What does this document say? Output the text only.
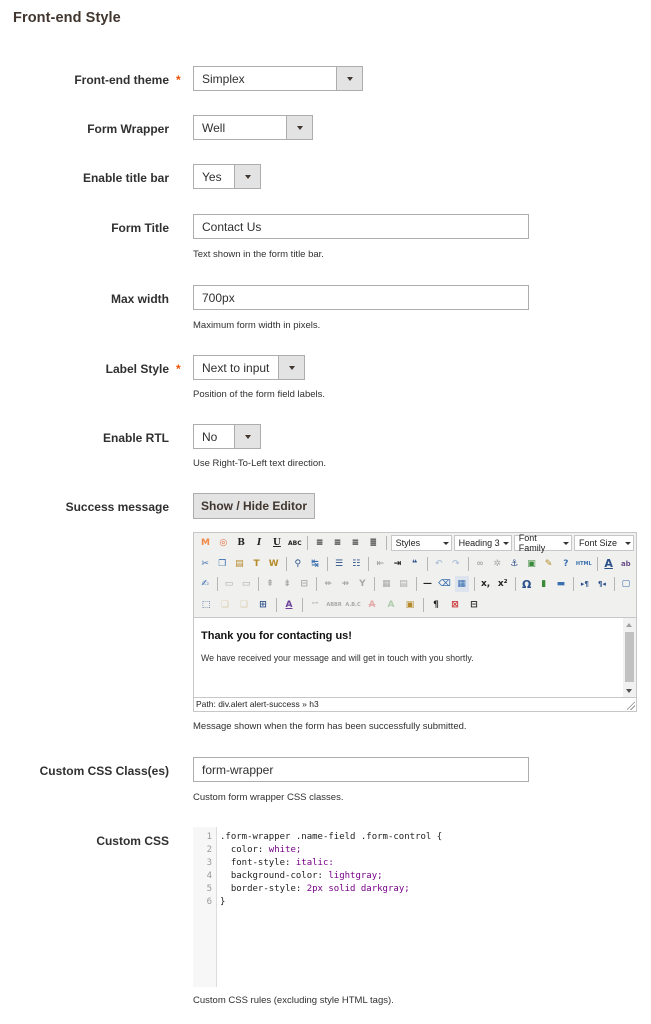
Front-end Style
Front-end theme *	Simplex
Form Wrapper	Well
Enable title bar	Yes
Form Title	Contact Us
Text shown in the form title bar.
Max width	700px
Maximum form width in pixels.
Label Style *	Next to input
Position of the form field labels.
Enable RTL	No
Use Right-To-Left text direction.
Success message	Show / Hide Editor
M	◎	B	I	U	ABC	≡	≡	≡	≣	Styles	Heading 3 Font Family	Font Size
✂	❐ ▤	T	W	⚲	↹	☰	☷	⇤	⇥	❝	↶	↷	∞	✲	⚓ ▣	✎	?	HTML A	ab
✍	▭ ▭	⇞	⇟	⊟	⇷	⇸	Y	▦ ▤	— ⌫ ▦	x, x² Ω	▮	▬	▸¶	¶◂	▢
⬚	❏	❏	⊞	A	“”	ABBR A.B.C A	A	▣	¶	⊠	⊟
Thank you for contacting us!
We have received your message and will get in touch with you shortly.
Path: div.alert alert-success » h3
Message shown when the form has been successfully submitted.
Custom CSS Class(es)	form-wrapper
Custom form wrapper CSS classes.
Custom CSS	1
2
3
4
5
6
.form-wrapper .name-field .form-control {
color: white;
font-style: italic:
background-color: lightgray;
border-style: 2px solid darkgray;
}
Custom CSS rules (excluding style HTML tags).
